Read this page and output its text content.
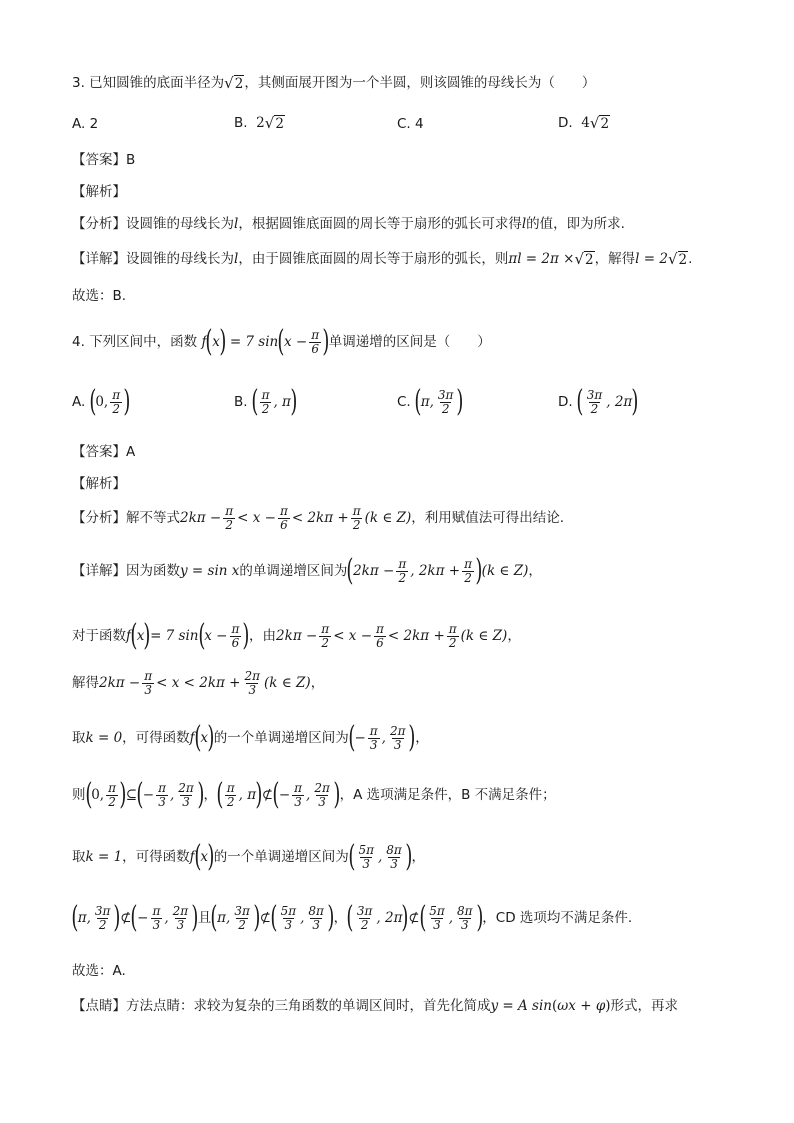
3. 已知圆锥的底面半径为 √ 2 ，其侧面展开图为一个半圆，则该圆锥的母线长为（　　）
A. 2	B.
2 √ 2	C. 4	D.
4 √ 2
【答案】 B
【解析】
【分析】 设圆锥的母线长为 l ，根据圆锥底面圆的周长等于扇形的弧长可求得 l 的值，即为所求.
【详解】 设圆锥的母线长为 l ，由于圆锥底面圆的周长等于扇形的弧长，则 πl = 2π × √ 2 ，解得 l = 2 √ 2 .
故选：B.
4. 下列区间中，函数 f ( x ) = 7 sin ( $x - \frac{\pi}{6}$ ) 单调递增的区间是（　　）
A.
( 0, $\frac{\pi}{2}$ )	B.
( $\frac{\pi}{2}$ , π )	C.
( π, $\frac{3\pi}{2}$ )	D.
( $\frac{3\pi}{2}$ , 2π )
【答案】 A
【解析】
【分析】 解不等式 $2k\pi - \frac{\pi}{2} < x - \frac{\pi}{6} < 2k\pi + \frac{\pi}{2} (k$ ∈ Z) ，利用赋值法可得出结论.
【详解】 因为函数 y = sin x 的单调递增区间为 ( $2k\pi - \frac{\pi}{2}$ , $2k\pi + \frac{\pi}{2}$ ) (k ∈ Z) ，
对于函数 f ( x ) = 7 sin ( $x - \frac{\pi}{6}$ ) ，由 $2k\pi - \frac{\pi}{2} < x - \frac{\pi}{6} < 2k\pi + \frac{\pi}{2} (k$ ∈ Z) ，
解得 $2k\pi - \frac{\pi}{3} < x < 2k\pi + \frac{2\pi}{3} (k$ ∈ Z) ，
取 k = 0 ，可得函数 f ( x ) 的一个单调递增区间为 ( − $\frac{\pi}{3}$ , $\frac{2\pi}{3}$ ) ，
则 ( 0, $\frac{\pi}{2}$ ) ⊆ ( − $\frac{\pi}{3}$ , $\frac{2\pi}{3}$ ) ， ( $\frac{\pi}{2}$ , π ) ⊄ ( − $\frac{\pi}{3}$ , $\frac{2\pi}{3}$ ) ，A 选项满足条件，B 不满足条件；
取 k = 1 ，可得函数 f ( x ) 的一个单调递增区间为 ( $\frac{5\pi}{3}$ , $\frac{8\pi}{3}$ ) ，
( π, $\frac{3\pi}{2}$ ) ⊄ ( − $\frac{\pi}{3}$ , $\frac{2\pi}{3}$ ) 且 ( π, $\frac{3\pi}{2}$ ) ⊄ ( $\frac{5\pi}{3}$ , $\frac{8\pi}{3}$ ) ， ( $\frac{3\pi}{2}$ , 2π ) ⊄ ( $\frac{5\pi}{3}$ , $\frac{8\pi}{3}$ ) ，CD 选项均不满足条件.
故选：A.
【点睛】 方法点睛：求较为复杂的三角函数的单调区间时，首先化简成 y = A sin ( ωx + φ ) 形式，再求
